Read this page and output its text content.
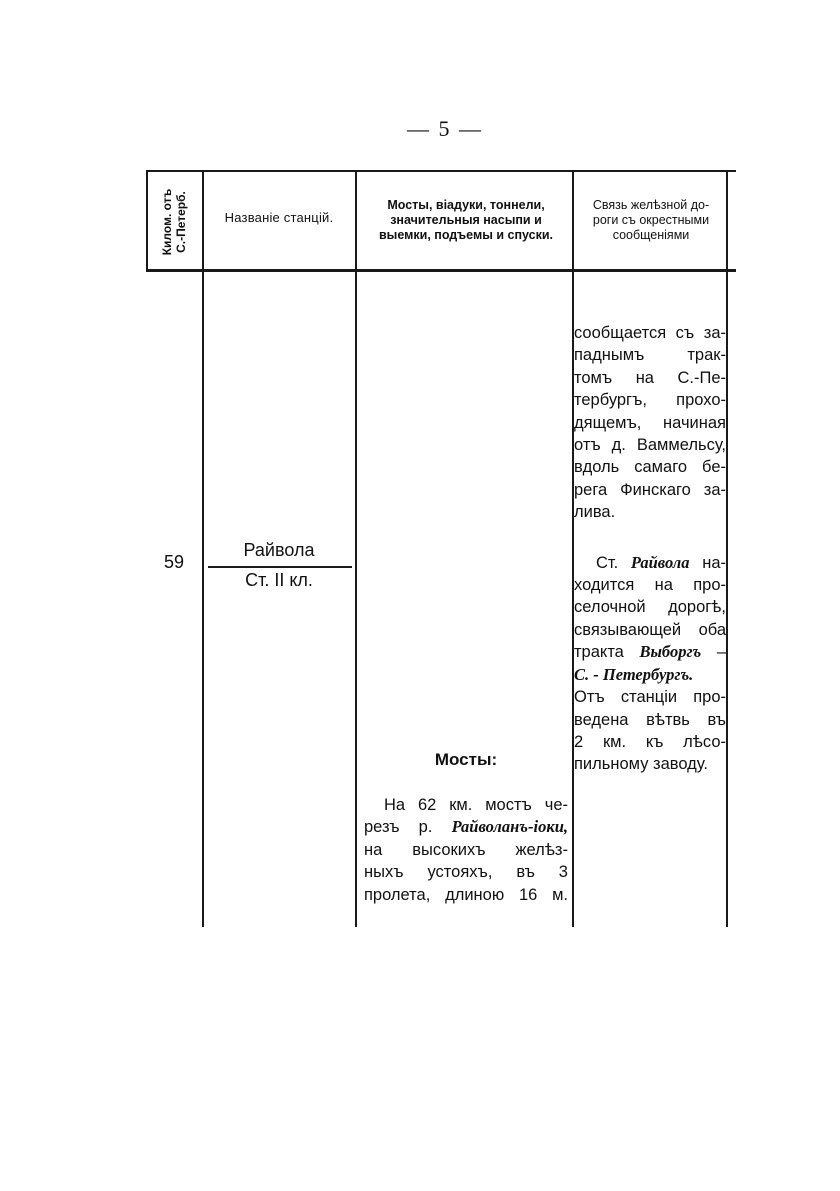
— 5 —
Килом. отъ
С.-Петерб.	Названіе станцій.
Мосты, віадуки, тоннели,
значительныя насыпи и
выемки, подъемы и спуски.
Связь желѣзной до-
роги съ окрестными
сообщеніями
59
Райвола
Ст. II кл.

сообщается съ за-
паднымъ трак-
томъ на С.-Пе-
тербургъ, прохо-
дящемъ, начиная
отъ д. Ваммельсу,
вдоль самаго бе-
рега Финскаго за-
лива.

Ст. Райвола на-
ходится на про-
селочной дорогѣ,
связывающей оба
тракта Выборгъ –
С. - Петербургъ.
Отъ станціи про-
ведена вѣтвь въ
2 км. къ лѣсо-
пильному заводу.

Мосты:
На 62 км. мостъ че-
резъ р. Райволанъ-іоки,
на высокихъ желѣз-
ныхъ устояхъ, въ 3
пролета, длиною 16 м.
